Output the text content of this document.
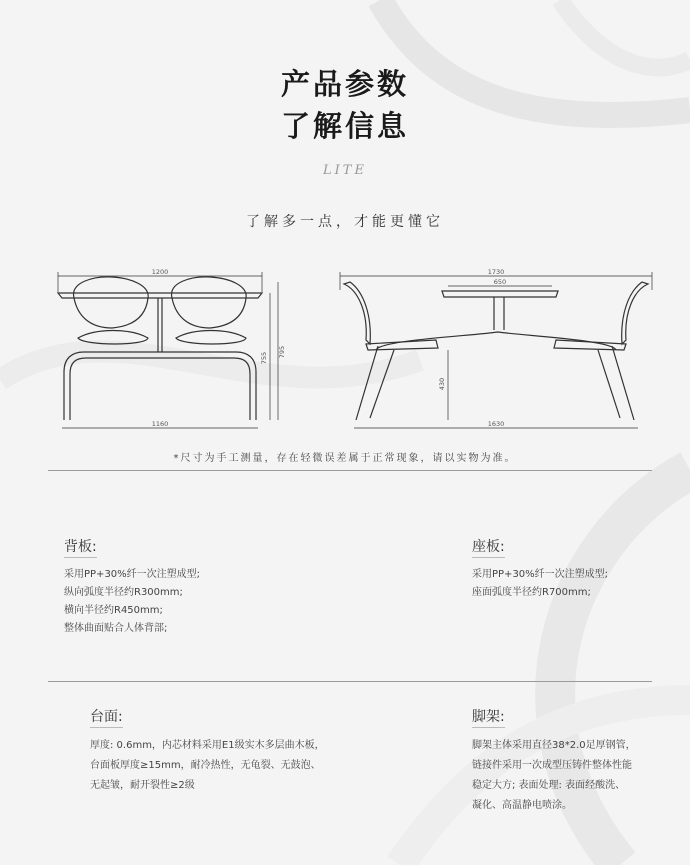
产品参数
了解信息
LITE
了解多一点，才能更懂它
1200
1160
755 795
1730
650
1630
430
*尺寸为手工测量，存在轻微误差属于正常现象，请以实物为准。
背板:
采用PP+30%纤一次注塑成型;
纵向弧度半径约R300mm;
横向半径约R450mm;
整体曲面贴合人体背部;
座板:
采用PP+30%纤一次注塑成型;
座面弧度半径约R700mm;
台面:
厚度: 0.6mm，内芯材料采用E1级实木多层曲木板，
台面板厚度≥15mm，耐冷热性，无龟裂、无鼓泡、
无起皱，耐开裂性≥2级
脚架:
脚架主体采用直径38*2.0足厚钢管，
链接件采用一次成型压铸件整体性能
稳定大方; 表面处理: 表面经酸洗、
凝化、高温静电喷涂。
